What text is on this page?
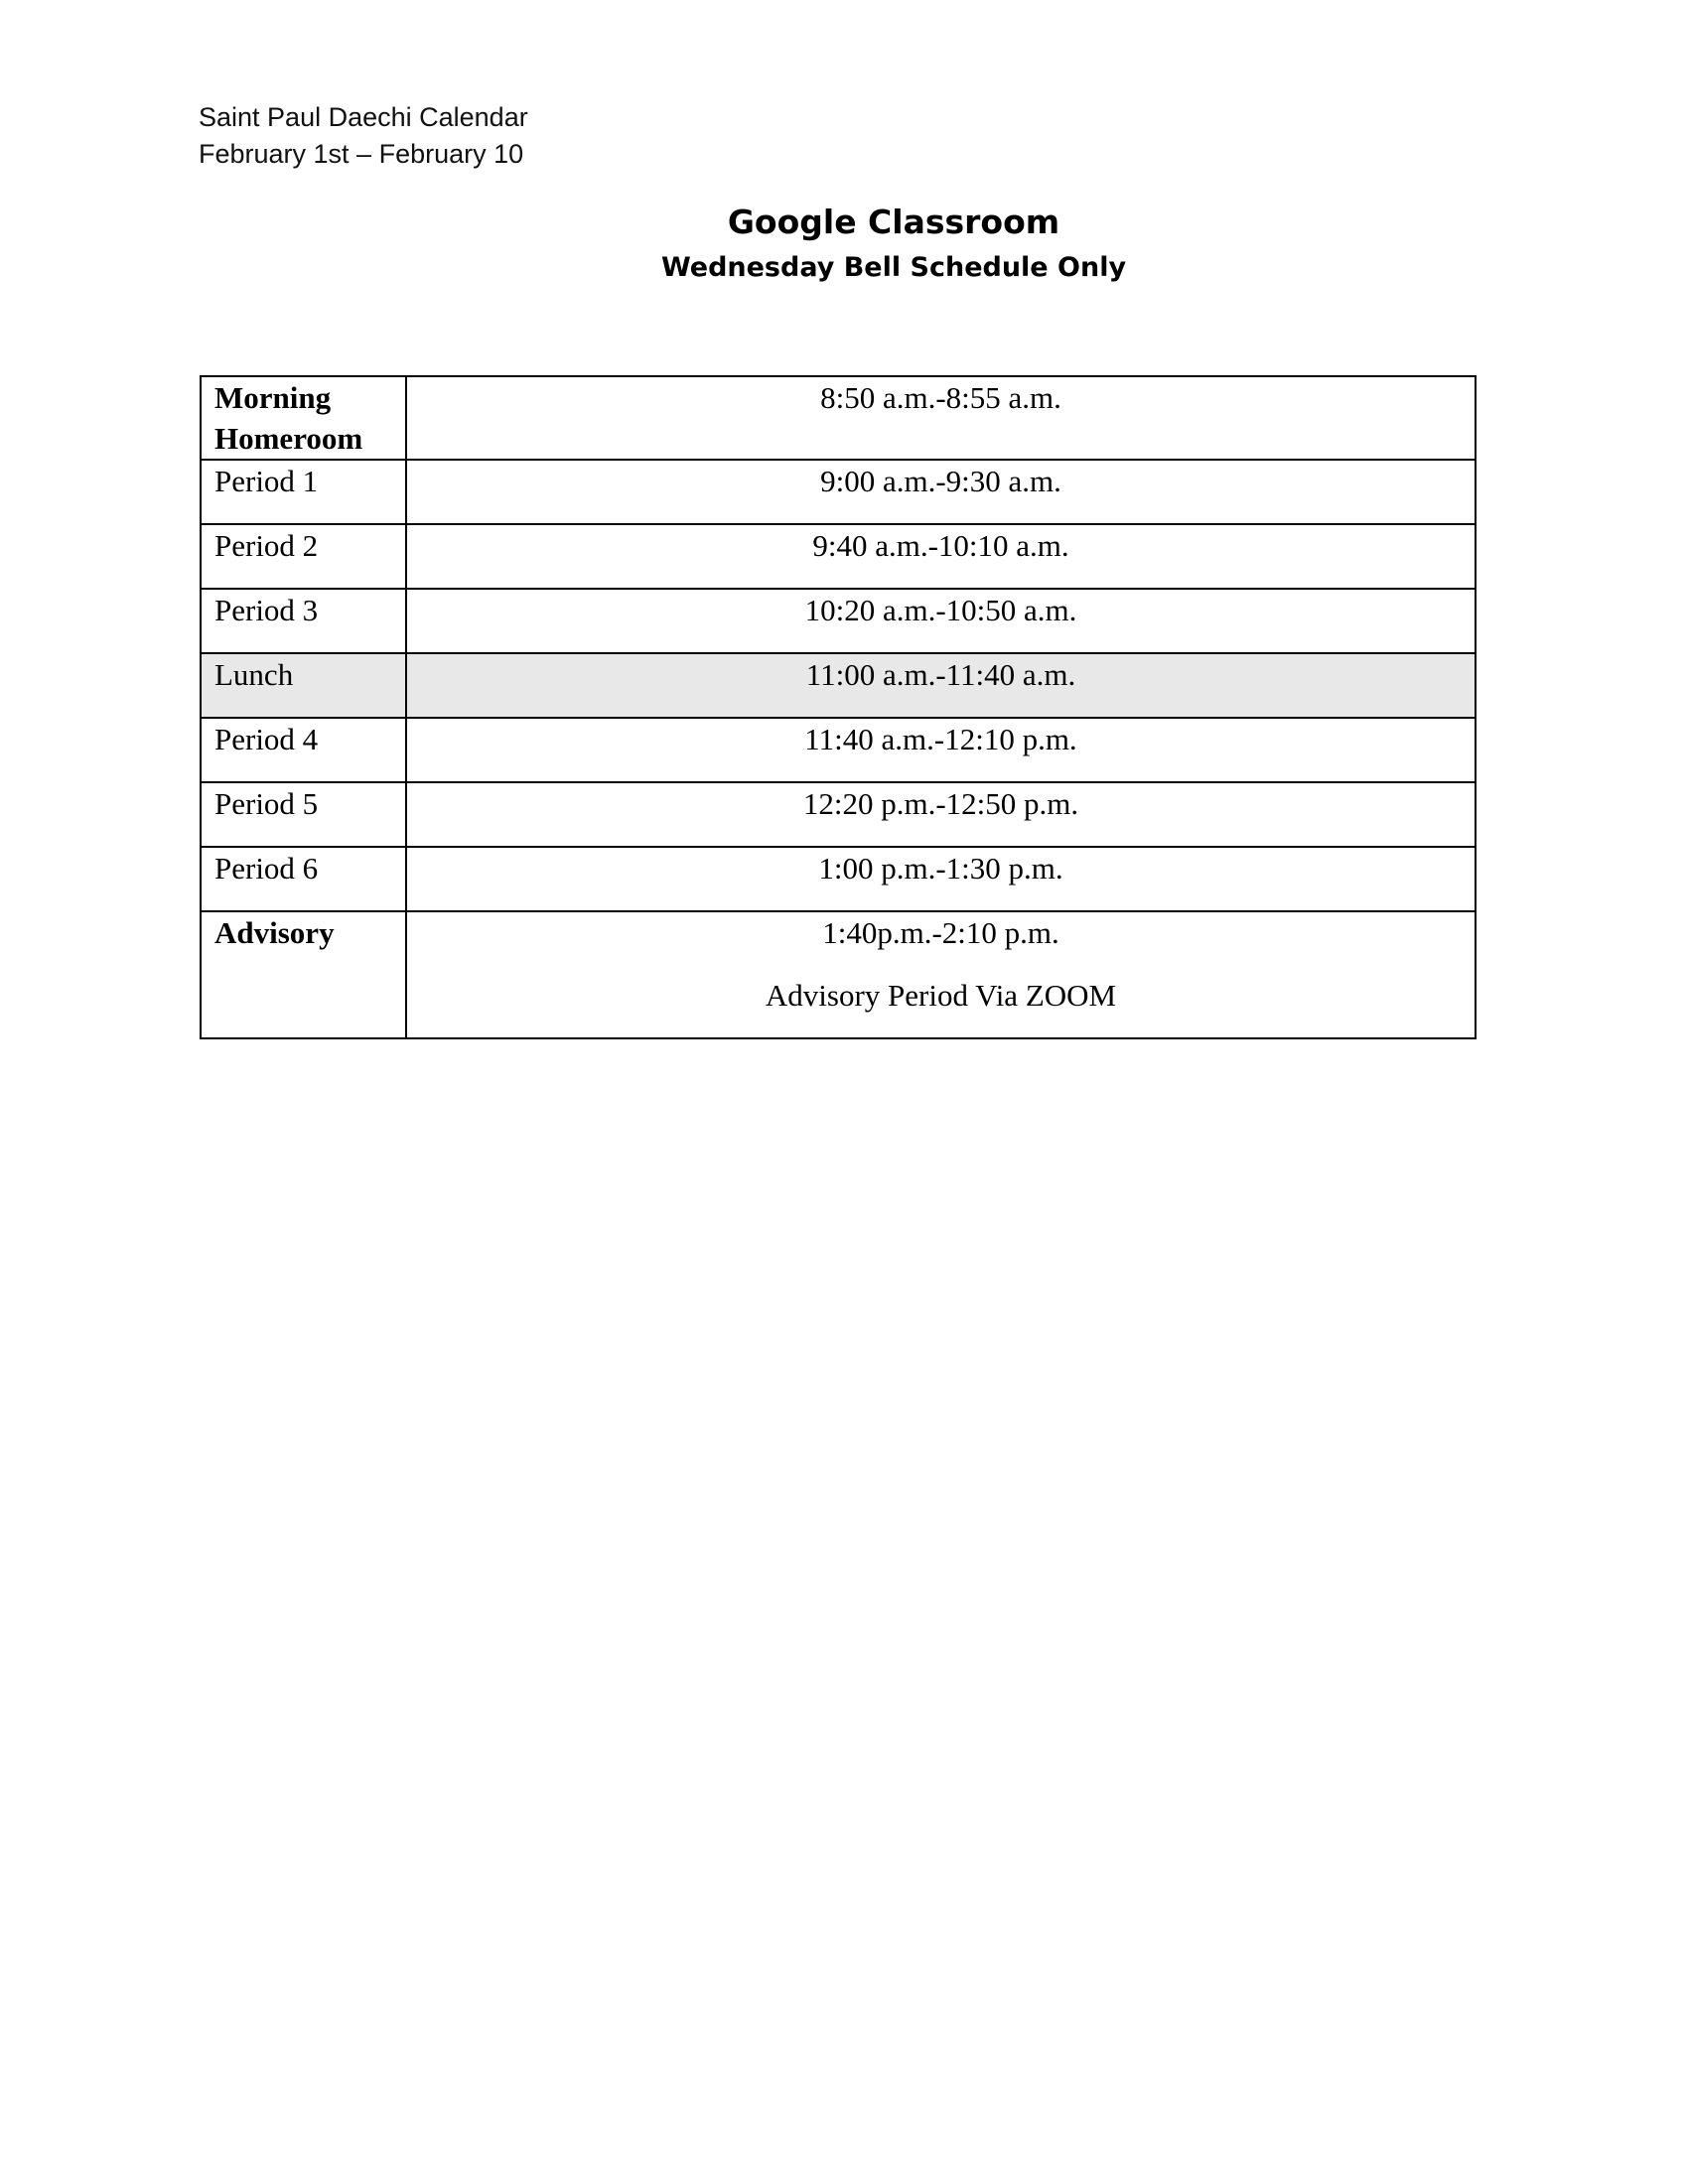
Saint Paul Daechi Calendar
February 1st – February 10
Google Classroom
Wednesday Bell Schedule Only
Morning Homeroom	8:50 a.m.-8:55 a.m.
Period 1	9:00 a.m.-9:30 a.m.
Period 2	9:40 a.m.-10:10 a.m.
Period 3	10:20 a.m.-10:50 a.m.
Lunch	11:00 a.m.-11:40 a.m.
Period 4	11:40 a.m.-12:10 p.m.
Period 5	12:20 p.m.-12:50 p.m.
Period 6	1:00 p.m.-1:30 p.m.
Advisory	1:40p.m.-2:10 p.m.
Advisory Period Via ZOOM
